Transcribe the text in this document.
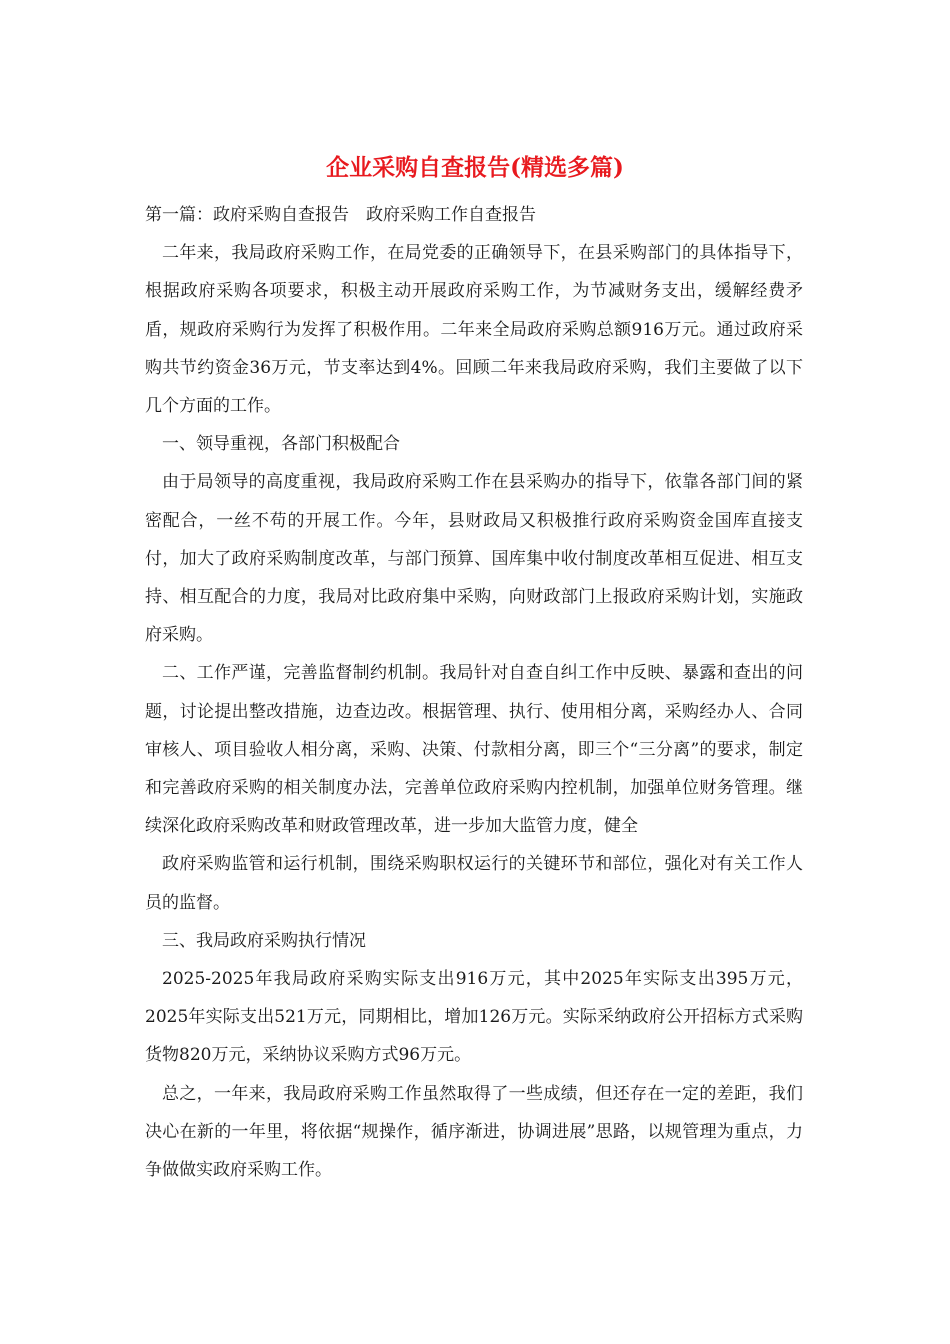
企业采购自查报告(精选多篇)

第一篇：政府采购自查报告 政府采购工作自查报告

二年来，我局政府采购工作，在局党委的正确领导下，在县采购部门的具体指导下，根据政府采购各项要求，积极主动开展政府采购工作，为节减财务支出，缓解经费矛盾，规政府采购行为发挥了积极作用。二年来全局政府采购总额916万元。通过政府采购共节约资金36万元，节支率达到4%。回顾二年来我局政府采购，我们主要做了以下几个方面的工作。

一、领导重视，各部门积极配合

由于局领导的高度重视，我局政府采购工作在县采购办的指导下，依靠各部门间的紧密配合，一丝不苟的开展工作。今年，县财政局又积极推行政府采购资金国库直接支付，加大了政府采购制度改革，与部门预算、国库集中收付制度改革相互促进、相互支持、相互配合的力度，我局对比政府集中采购，向财政部门上报政府采购计划，实施政府采购。

二、工作严谨，完善监督制约机制。我局针对自查自纠工作中反映、暴露和查出的问题，讨论提出整改措施，边查边改。根据管理、执行、使用相分离，采购经办人、合同审核人、项目验收人相分离，采购、决策、付款相分离，即三个“三分离”的要求，制定和完善政府采购的相关制度办法，完善单位政府采购内控机制，加强单位财务管理。继续深化政府采购改革和财政管理改革，进一步加大监管力度，健全

政府采购监管和运行机制，围绕采购职权运行的关键环节和部位，强化对有关工作人员的监督。

三、我局政府采购执行情况

2025-2025年我局政府采购实际支出916万元，其中2025年实际支出395万元，2025年实际支出521万元，同期相比，增加126万元。实际采纳政府公开招标方式采购货物820万元，采纳协议采购方式96万元。

总之，一年来，我局政府采购工作虽然取得了一些成绩，但还存在一定的差距，我们决心在新的一年里，将依据“规操作，循序渐进，协调进展”思路，以规管理为重点，力争做做实政府采购工作。
